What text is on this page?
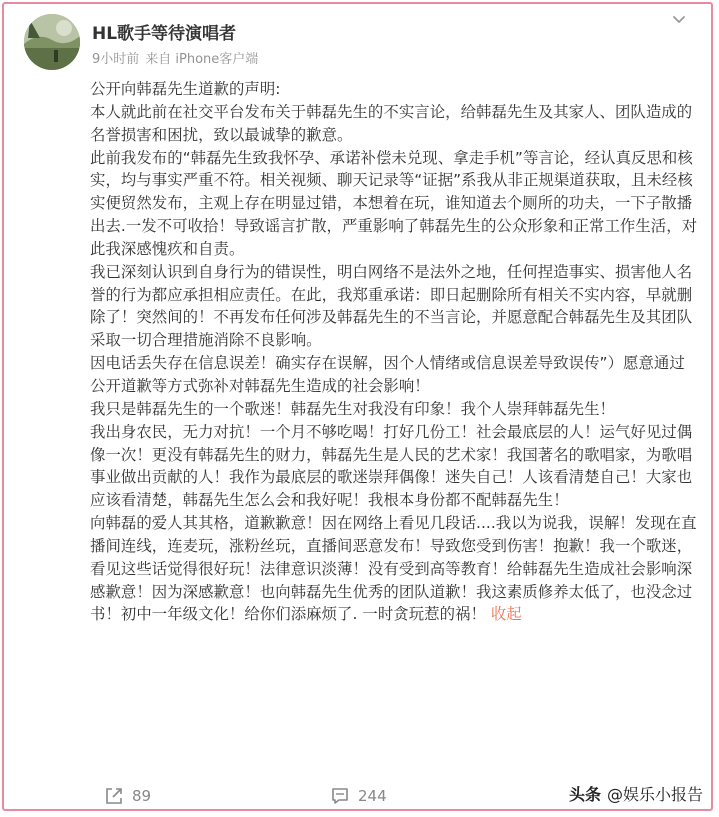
HL歌手等待演唱者
9小时前 来自 iPhone客户端

公开向韩磊先生道歉的声明:

本人就此前在社交平台发布关于韩磊先生的不实言论，给韩磊先生及其家人、团队造成的名誉损害和困扰，致以最诚挚的歉意。

此前我发布的“韩磊先生致我怀孕、承诺补偿未兑现、拿走手机”等言论，经认真反思和核实，均与事实严重不符。相关视频、聊天记录等“证据”系我从非正规渠道获取，且未经核实便贸然发布，主观上存在明显过错，本想着在玩，谁知道去个厕所的功夫，一下子散播出去.一发不可收拾！导致谣言扩散，严重影响了韩磊先生的公众形象和正常工作生活，对此我深感愧疚和自责。

我已深刻认识到自身行为的错误性，明白网络不是法外之地，任何捏造事实、损害他人名誉的行为都应承担相应责任。在此，我郑重承诺：即日起删除所有相关不实内容，早就删除了！突然间的！不再发布任何涉及韩磊先生的不当言论，并愿意配合韩磊先生及其团队采取一切合理措施消除不良影响。

因电话丢失存在信息误差！确实存在误解，因个人情绪或信息误差导致误传”）愿意通过公开道歉等方式弥补对韩磊先生造成的社会影响！

我只是韩磊先生的一个歌迷！韩磊先生对我没有印象！我个人崇拜韩磊先生！

我出身农民，无力对抗！一个月不够吃喝！打好几份工！社会最底层的人！运气好见过偶像一次！更没有韩磊先生的财力，韩磊先生是人民的艺术家！我国著名的歌唱家，为歌唱事业做出贡献的人！我作为最底层的歌迷崇拜偶像！迷失自己！人该看清楚自己！大家也应该看清楚，韩磊先生怎么会和我好呢！我根本身份都不配韩磊先生！

向韩磊的爱人其其格，道歉歉意！因在网络上看见几段话....我以为说我，误解！发现在直播间连线，连麦玩，涨粉丝玩，直播间恶意发布！导致您受到伤害！抱歉！我一个歌迷，看见这些话觉得很好玩！法律意识淡薄！没有受到高等教育！给韩磊先生造成社会影响深感歉意！因为深感歉意！也向韩磊先生优秀的团队道歉！我这素质修养太低了，也没念过书！初中一年级文化！给你们添麻烦了. 一时贪玩惹的祸！ 收起

89	244	头条 @娱乐小报告
